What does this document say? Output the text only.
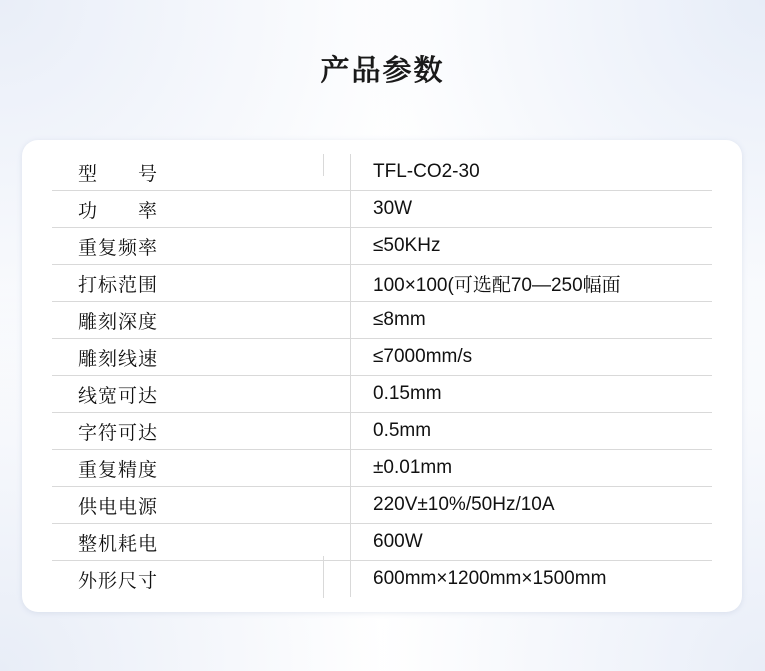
产品参数
型　　号	TFL-CO2-30
功　　率	30W
重复频率	≤50KHz
打标范围	100×100(可选配70—250幅面
雕刻深度	≤8mm
雕刻线速	≤7000mm/s
线宽可达	0.15mm
字符可达	0.5mm
重复精度	±0.01mm
供电电源	220V±10%/50Hz/10A
整机耗电	600W
外形尺寸	600mm×1200mm×1500mm
